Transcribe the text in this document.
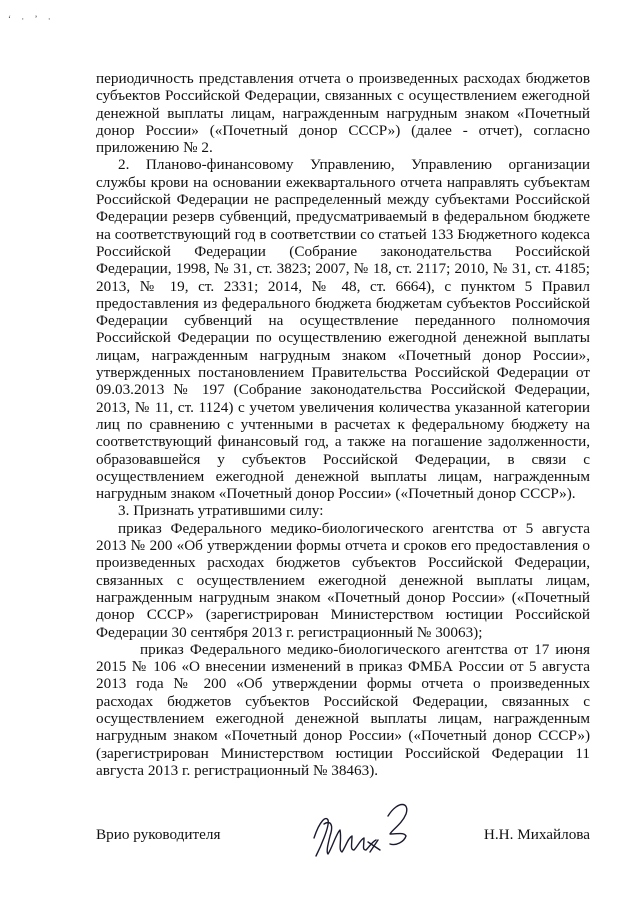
ʻ · ʼ ·

периодичность представления отчета о произведенных расходах бюджетов субъектов Российской Федерации, связанных с осуществлением ежегодной денежной выплаты лицам, награжденным нагрудным знаком «Почетный донор России» («Почетный донор СССР») (далее - отчет), согласно приложению № 2.

2. Планово-финансовому Управлению, Управлению организации службы крови на основании ежеквартального отчета направлять субъектам Российской Федерации не распределенный между субъектами Российской Федерации резерв субвенций, предусматриваемый в федеральном бюджете на соответствующий год в соответствии со статьей 133 Бюджетного кодекса Российской Федерации (Собрание законодательства Российской Федерации, 1998, № 31, ст. 3823; 2007, № 18, ст. 2117; 2010, № 31, ст. 4185; 2013, № 19, ст. 2331; 2014, № 48, ст. 6664), с пунктом 5 Правил предоставления из федерального бюджета бюджетам субъектов Российской Федерации субвенций на осуществление переданного полномочия Российской Федерации по осуществлению ежегодной денежной выплаты лицам, награжденным нагрудным знаком «Почетный донор России», утвержденных постановлением Правительства Российской Федерации от 09.03.2013 № 197 (Собрание законодательства Российской Федерации, 2013, № 11, ст. 1124) с учетом увеличения количества указанной категории лиц по сравнению с учтенными в расчетах к федеральному бюджету на соответствующий финансовый год, а также на погашение задолженности, образовавшейся у субъектов Российской Федерации, в связи с осуществлением ежегодной денежной выплаты лицам, награжденным нагрудным знаком «Почетный донор России» («Почетный донор СССР»).

3. Признать утратившими силу:

приказ Федерального медико-биологического агентства от 5 августа 2013 № 200 «Об утверждении формы отчета и сроков его предоставления о произведенных расходах бюджетов субъектов Российской Федерации, связанных с осуществлением ежегодной денежной выплаты лицам, награжденным нагрудным знаком «Почетный донор России» («Почетный донор СССР» (зарегистрирован Министерством юстиции Российской Федерации 30 сентября 2013 г. регистрационный № 30063);

приказ Федерального медико-биологического агентства от 17 июня 2015 № 106 «О внесении изменений в приказ ФМБА России от 5 августа 2013 года № 200 «Об утверждении формы отчета о произведенных расходах бюджетов субъектов Российской Федерации, связанных с осуществлением ежегодной денежной выплаты лицам, награжденным нагрудным знаком «Почетный донор России» («Почетный донор СССР») (зарегистрирован Министерством юстиции Российской Федерации 11 августа 2013 г. регистрационный № 38463).

Врио руководителя	Н.Н. Михайлова
